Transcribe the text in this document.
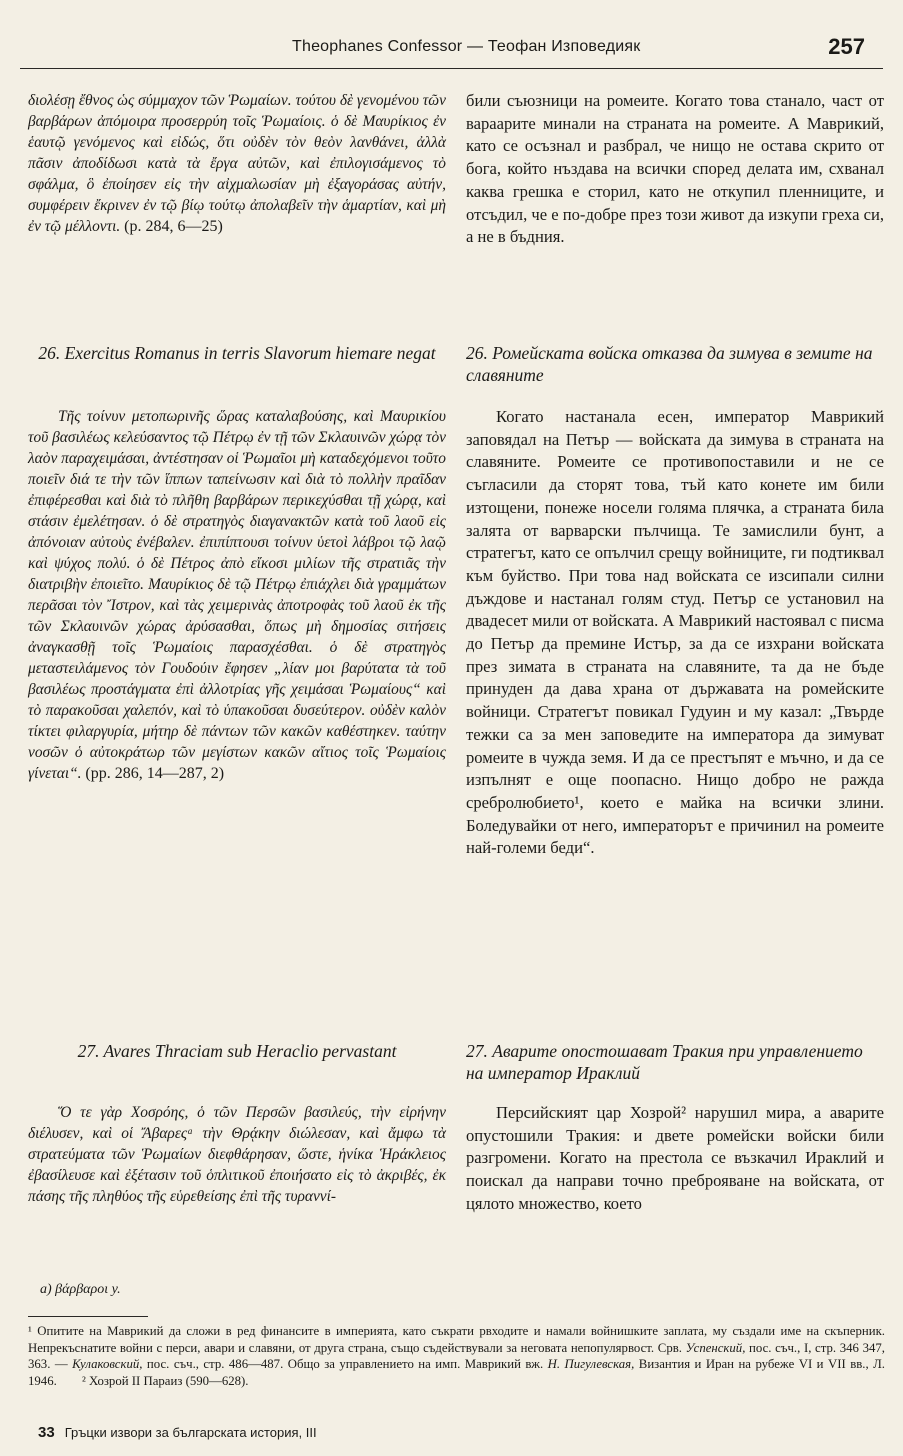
Theophanes Confessor — Теофан Изповедияк	257

διολέσῃ ἔθνος ὡς σύμμαχον τῶν Ῥωμαίων. τούτου δὲ γενομένου τῶν βαρβάρων ἀπόμοιρα προσερρύη τοῖς Ῥωμαίοις. ὁ δὲ Μαυρίκιος ἐν ἑαυτῷ γενόμενος καὶ εἰδώς, ὅτι οὐδὲν τὸν θεὸν λανθάνει, ἀλλὰ πᾶσιν ἀποδίδωσι κατὰ τὰ ἔργα αὐτῶν, καὶ ἐπιλογισάμενος τὸ σφάλμα, ὃ ἐποίησεν εἰς τὴν αἰχμαλωσίαν μὴ ἐξαγοράσας αὐτήν, συμφέρειν ἔκρινεν ἐν τῷ βίῳ τούτῳ ἀπολαβεῖν τὴν ἁμαρτίαν, καὶ μὴ ἐν τῷ μέλλοντι. (p. 284, 6—25)

26. Exercitus Romanus in terris Slavorum hiemare negat

Τῆς τοίνυν μετοπωρινῆς ὥρας καταλαβούσης, καὶ Μαυρικίου τοῦ βασιλέως κελεύσαντος τῷ Πέτρῳ ἐν τῇ τῶν Σκλαυινῶν χώρᾳ τὸν λαὸν παραχειμάσαι, ἀντέστησαν οἱ Ῥωμαῖοι μὴ καταδεχόμενοι τοῦτο ποιεῖν διά τε τὴν τῶν ἵππων ταπείνωσιν καὶ διὰ τὸ πολλὴν πραῖδαν ἐπιφέρεσθαι καὶ διὰ τὸ πλῆθη βαρβάρων περικεχύσθαι τῇ χώρᾳ, καὶ στάσιν ἐμελέτησαν. ὁ δὲ στρατηγὸς διαγανακτῶν κατὰ τοῦ λαοῦ εἰς ἀπόνοιαν αὐτοὺς ἐνέβαλεν. ἐπιπίπτουσι τοίνυν ὑετοὶ λάβροι τῷ λαῷ καὶ ψύχος πολύ. ὁ δὲ Πέτρος ἀπὸ εἴκοσι μιλίων τῆς στρατιᾶς τὴν διατριβὴν ἐποιεῖτο. Μαυρίκιος δὲ τῷ Πέτρῳ ἐπιάχλει διὰ γραμμάτων περᾶσαι τὸν Ἴστρον, καὶ τὰς χειμερινὰς ἀποτροφὰς τοῦ λαοῦ ἐκ τῆς τῶν Σκλαυινῶν χώρας ἀρύσασθαι, ὅπως μὴ δημοσίας σιτήσεις ἀναγκασθῇ τοῖς Ῥωμαίοις παρασχέσθαι. ὁ δὲ στρατηγὸς μεταστειλάμενος τὸν Γουδούιν ἔφησεν „λίαν μοι βαρύτατα τὰ τοῦ βασιλέως προστάγματα ἐπὶ ἀλλοτρίας γῆς χειμάσαι Ῥωμαίους“ καὶ τὸ παρακοῦσαι χαλεπόν, καὶ τὸ ὑπακοῦσαι δυσεύτερον. οὐδὲν καλὸν τίκτει φιλαργυρία, μήτηρ δὲ πάντων τῶν κακῶν καθέστηκεν. ταύτην νοσῶν ὁ αὐτοκράτωρ τῶν μεγίστων κακῶν αἴτιος τοῖς Ῥωμαίοις γίνεται“. (pp. 286, 14—287, 2)

27. Avares Thraciam sub Heraclio pervastant

Ὅ τε γὰρ Χοσρόης, ὁ τῶν Περσῶν βασιλεύς, τὴν εἰρήνην διέλυσεν, καὶ οἱ Ἄβαρεςᵃ τὴν Θρᾴκην διώλεσαν, καὶ ἄμφω τὰ στρατεύματα τῶν Ῥωμαίων διεφθάρησαν, ὥστε, ἡνίκα Ἡράκλειος ἐβασίλευσε καὶ ἐξέτασιν τοῦ ὁπλιτικοῦ ἐποιήσατο εἰς τὸ ἀκριβές, ἐκ πάσης τῆς πληθύος τῆς εὑρεθείσης ἐπὶ τῆς τυραννί-

били съюзници на ромеите. Когато това станало, част от вараарите минали на страната на ромеите. А Маврикий, като се осъзнал и разбрал, че нищо не остава скрито от бога, който нъздава на всички според делата им, схванал каква грешка е сторил, като не откупил пленниците, и отсъдил, че е по-добре през този живот да изкупи греха си, а не в бъдния.

26. Ромейската войска отказва да зимува в земите на славяните

Когато настанала есен, император Маврикий заповядал на Петър — войската да зимува в страната на славяните. Ромеите се противопоставили и не се съгласили да сторят това, тъй като конете им били изтощени, понеже носели голяма плячка, а страната била залята от варварски пълчища. Те замислили бунт, а стратегът, като се опълчил срещу войниците, ги подтиквал към буйство. При това над войската се изсипали силни дъждове и настанал голям студ. Петър се установил на двадесет мили от войската. А Маврикий настоявал с писма до Петър да премине Истър, за да се изхрани войската през зимата в страната на славяните, та да не бъде принуден да дава храна от държавата на ромейските войници. Стратегът повикал Гудуин и му казал: „Твърде тежки са за мен заповедите на императора да зимуват ромеите в чужда земя. И да се престъпят е мъчно, и да се изпълнят е още поопасно. Нищо добро не ражда сребролюбието¹, което е майка на всички злини. Боледувайки от него, императорът е причинил на ромеите най-големи беди“.

27. Аварите опостошават Тракия при управлението на император Ираклий

Персийският цар Хозрой² нарушил мира, а аварите опустошили Тракия: и двете ромейски войски били разгромени. Когато на престола се възкачил Ираклий и поискал да направи точно преброяване на войската, от цялото множество, което

a) βάρβαροι y.

¹ Опитите на Маврикий да сложи в ред финансите в империята, като съкрати рвходите и намали войнишките заплата, му създали име на скъперник. Непрекъснатите войни с перси, авари и славяни, от друга страна, също съдействували за неговата непопулярвост. Срв. Успенский, пос. съч., I, стр. 346 347, 363. — Кулаковский, пос. съч., стр. 486—487. Общо за управлението на имп. Маврикий вж. Н. Пигулевская, Византия и Иран на рубеже VI и VII вв., Л. 1946. ² Хозрой II Параиз (590—628).

33 Гръцки извори за българската история, III
